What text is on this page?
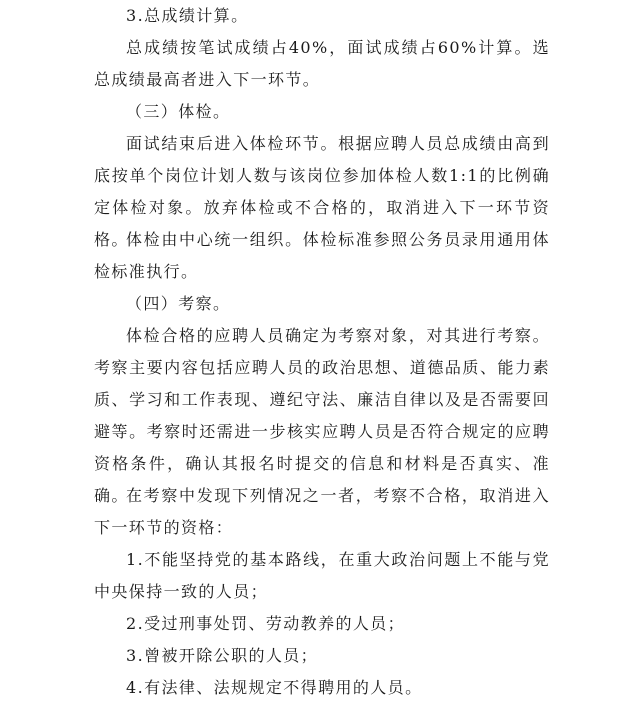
3.总成绩计算。

总成绩按笔试成绩占40%，面试成绩占60%计算。选总成绩最高者进入下一环节。

（三）体检。

面试结束后进入体检环节。根据应聘人员总成绩由高到底按单个岗位计划人数与该岗位参加体检人数1:1的比例确定体检对象。放弃体检或不合格的，取消进入下一环节资格。

体检由中心统一组织。体检标准参照公务员录用通用体检标准执行。

（四）考察。

体检合格的应聘人员确定为考察对象，对其进行考察。考察主要内容包括应聘人员的政治思想、道德品质、能力素质、学习和工作表现、遵纪守法、廉洁自律以及是否需要回避等。考察时还需进一步核实应聘人员是否符合规定的应聘资格条件，确认其报名时提交的信息和材料是否真实、准确。

在考察中发现下列情况之一者，考察不合格，取消进入下一环节的资格：

1.不能坚持党的基本路线，在重大政治问题上不能与党中央保持一致的人员；

2.受过刑事处罚、劳动教养的人员；

3.曾被开除公职的人员；

4.有法律、法规规定不得聘用的人员。
